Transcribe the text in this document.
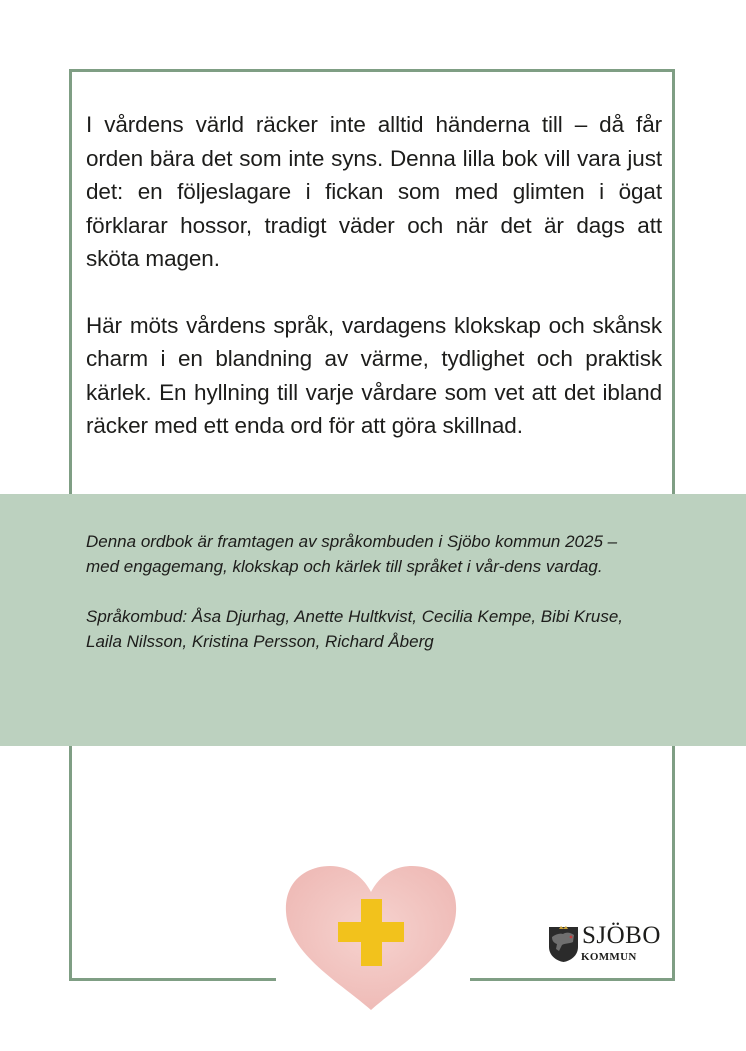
I vårdens värld räcker inte alltid händerna till – då får orden bära det som inte syns. Denna lilla bok vill vara just det: en följeslagare i fickan som med glimten i ögat förklarar hossor, tradigt väder och när det är dags att sköta magen.

Här möts vårdens språk, vardagens klokskap och skånsk charm i en blandning av värme, tydlighet och praktisk kärlek. En hyllning till varje vårdare som vet att det ibland räcker med ett enda ord för att göra skillnad.

Denna ordbok är framtagen av språkombuden i Sjöbo kommun 2025 – med engagemang, klokskap och kärlek till språket i vår-dens vardag.

Språkombud: Åsa Djurhag, Anette Hultkvist, Cecilia Kempe, Bibi Kruse, Laila Nilsson, Kristina Persson, Richard Åberg

SJÖBO
KOMMUN
